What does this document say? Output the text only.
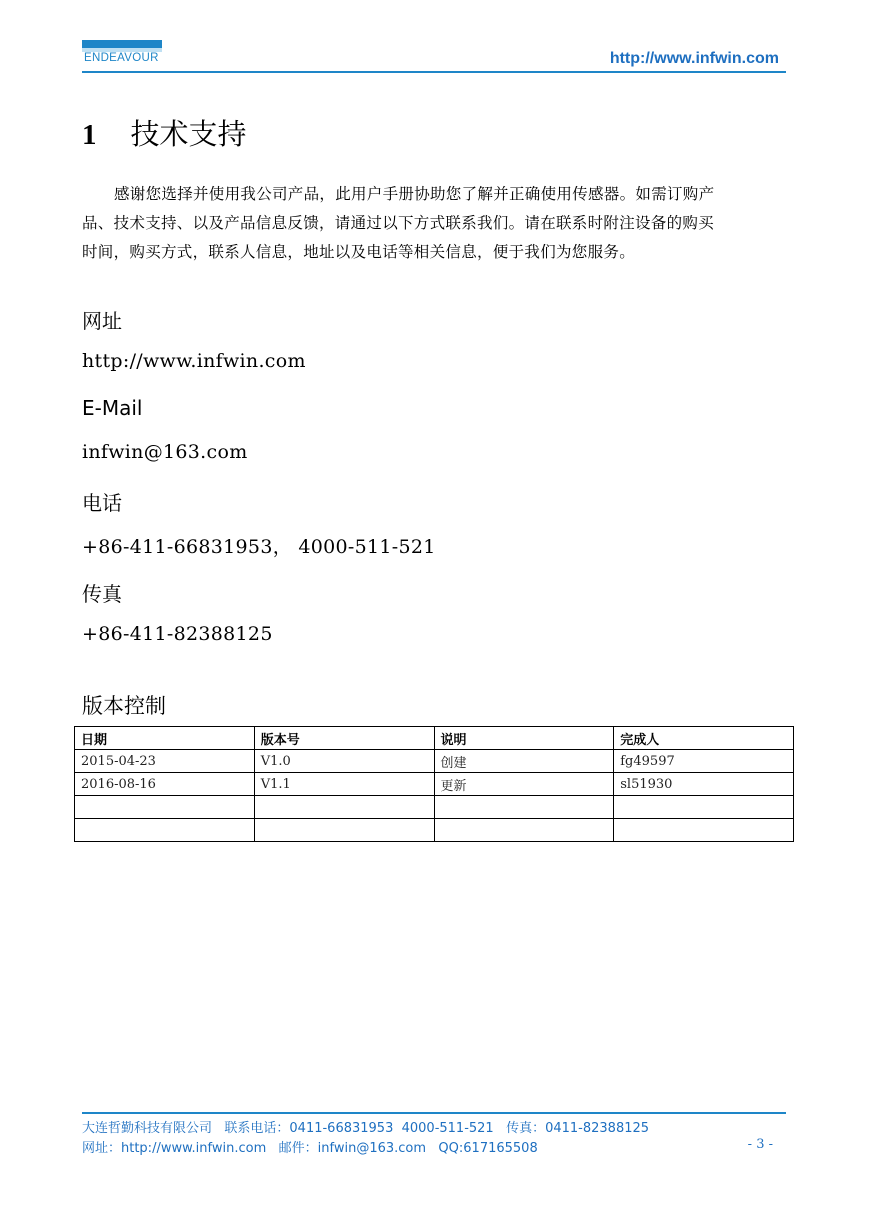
ENDEAVOUR	http://www.infwin.com
1 技术支持
感谢您选择并使用我公司产品，此用户手册协助您了解并正确使用传感器。如需订购产
品、技术支持、以及产品信息反馈，请通过以下方式联系我们。请在联系时附注设备的购买
时间，购买方式，联系人信息，地址以及电话等相关信息，便于我们为您服务。
网址
http://www.infwin.com
E-Mail
infwin@163.com
电话
+86-411-66831953， 4000-511-521
传真
+86-411-82388125
版本控制
日期	版本号	说明	完成人
2015-04-23	V1.0	创建	fg49597
2016-08-16	V1.1	更新	sl51930

大连哲勤科技有限公司   联系电话：0411-66831953  4000-511-521   传真：0411-82388125
网址：http://www.infwin.com   邮件：infwin@163.com   QQ:617165508	- 3 -
